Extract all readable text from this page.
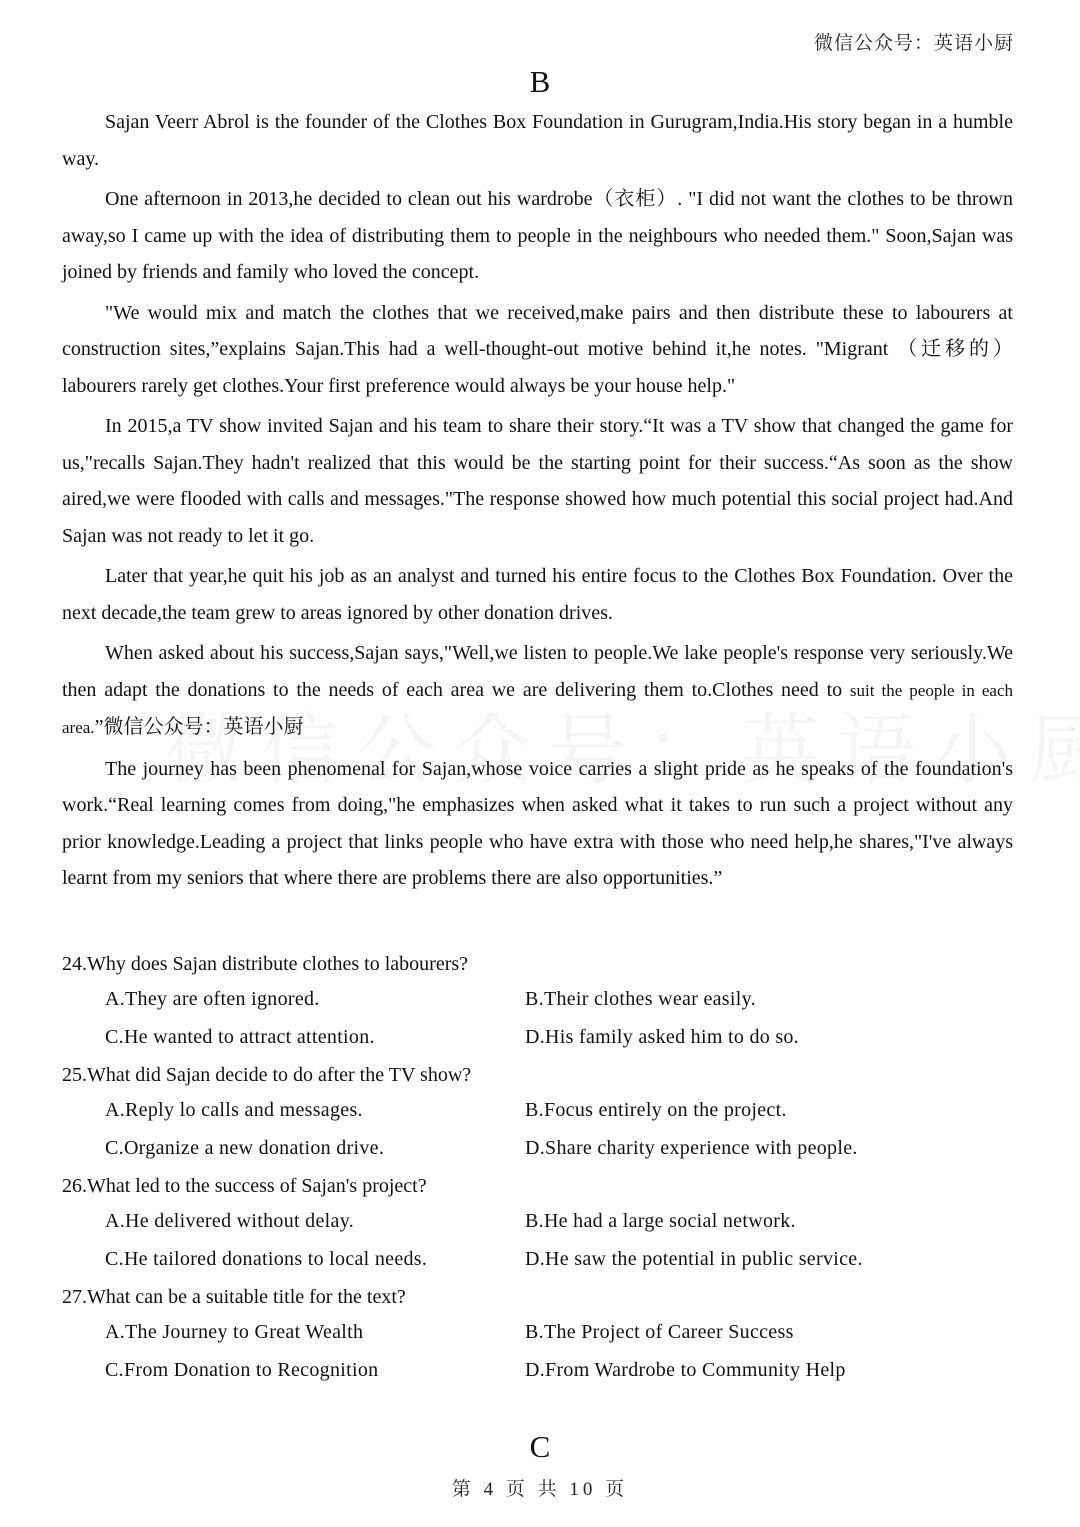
微信公众号：英语小厨
B

Sajan Veerr Abrol is the founder of the Clothes Box Foundation in Gurugram,India.His story began in a humble way.

One afternoon in 2013,he decided to clean out his wardrobe（衣柜）. "I did not want the clothes to be thrown away,so I came up with the idea of distributing them to people in the neighbours who needed them." Soon,Sajan was joined by friends and family who loved the concept.

"We would mix and match the clothes that we received,make pairs and then distribute these to labourers at construction sites,”explains Sajan.This had a well-thought-out motive behind it,he notes. "Migrant （迁移的）labourers rarely get clothes.Your first preference would always be your house help."

In 2015,a TV show invited Sajan and his team to share their story.“It was a TV show that changed the game for us,"recalls Sajan.They hadn't realized that this would be the starting point for their success.“As soon as the show aired,we were flooded with calls and messages."The response showed how much potential this social project had.And Sajan was not ready to let it go.

Later that year,he quit his job as an analyst and turned his entire focus to the Clothes Box Foundation. Over the next decade,the team grew to areas ignored by other donation drives.

When asked about his success,Sajan says,"Well,we listen to people.We lake people's response very seriously.We then adapt the donations to the needs of each area we are delivering them to.Clothes need to suit the people in each area.”微信公众号：英语小厨

The journey has been phenomenal for Sajan,whose voice carries a slight pride as he speaks of the foundation's work.“Real learning comes from doing,"he emphasizes when asked what it takes to run such a project without any prior knowledge.Leading a project that links people who have extra with those who need help,he shares,"I've always learnt from my seniors that where there are problems there are also opportunities.”

24.Why does Sajan distribute clothes to labourers?
A.They are often ignored.	B.Their clothes wear easily.
C.He wanted to attract attention.	D.His family asked him to do so.
25.What did Sajan decide to do after the TV show?
A.Reply lo calls and messages.	B.Focus entirely on the project.
C.Organize a new donation drive.	D.Share charity experience with people.
26.What led to the success of Sajan's project?
A.He delivered without delay.	B.He had a large social network.
C.He tailored donations to local needs.	D.He saw the potential in public service.
27.What can be a suitable title for the text?
A.The Journey to Great Wealth	B.The Project of Career Success
C.From Donation to Recognition	D.From Wardrobe to Community Help
C
第 4 页 共 10 页
